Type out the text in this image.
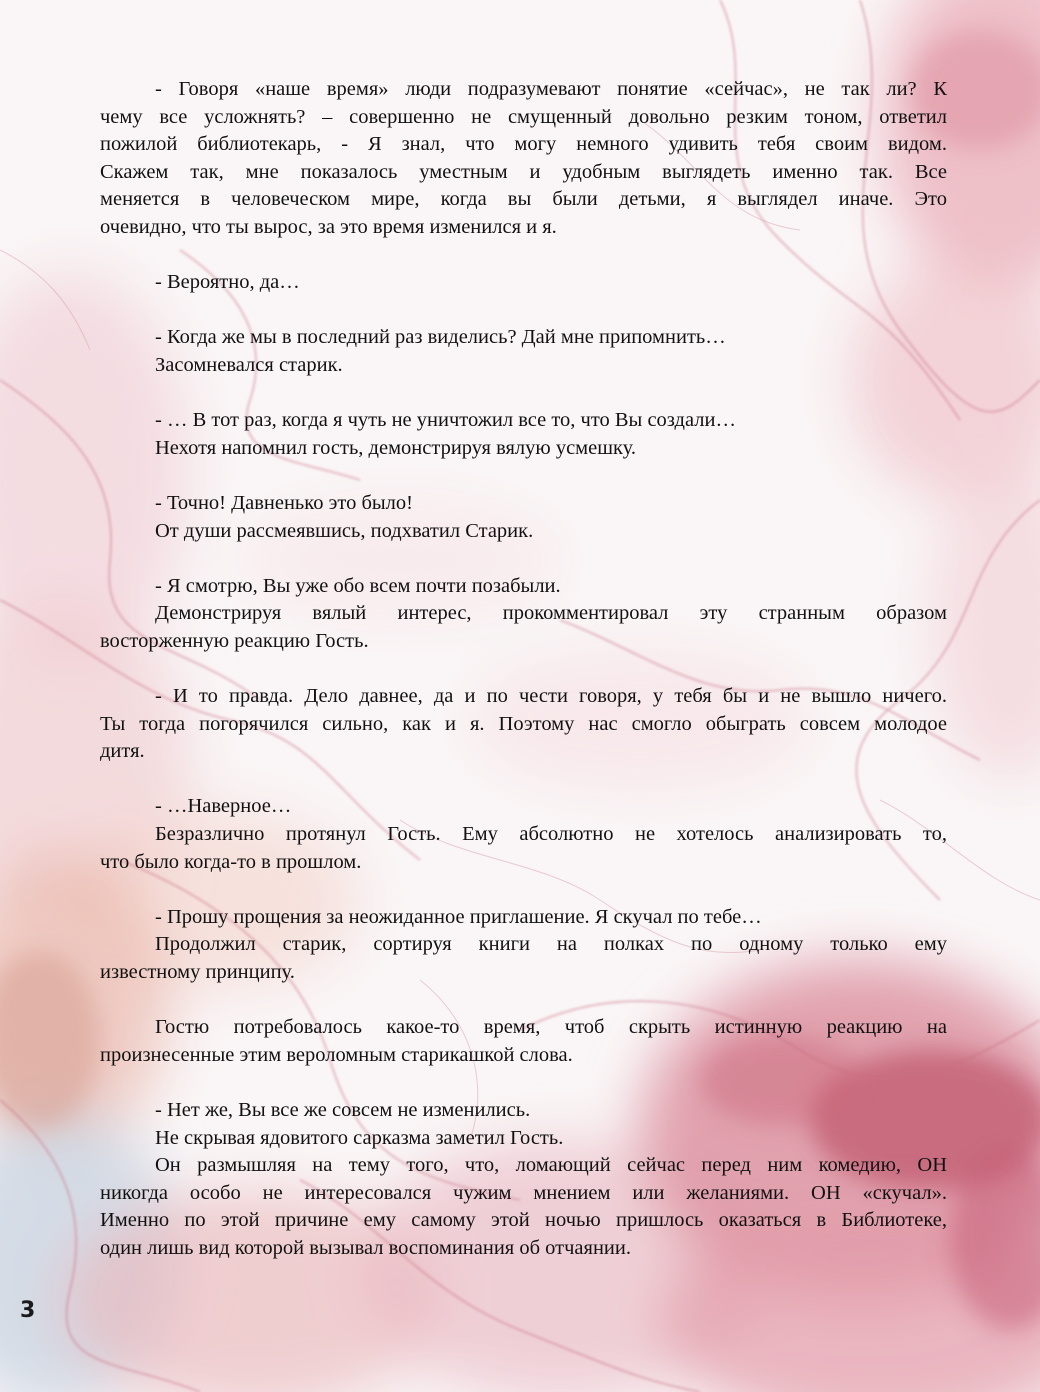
- Говоря «наше время» люди подразумевают понятие «сейчас», не так ли? К
чему все усложнять? – совершенно не смущенный довольно резким тоном, ответил
пожилой библиотекарь, - Я знал, что могу немного удивить тебя своим видом.
Скажем так, мне показалось уместным и удобным выглядеть именно так. Все
меняется в человеческом мире, когда вы были детьми, я выглядел иначе. Это
очевидно, что ты вырос, за это время изменился и я.
- Вероятно, да…
- Когда же мы в последний раз виделись? Дай мне припомнить…
Засомневался старик.
- … В тот раз, когда я чуть не уничтожил все то, что Вы создали…
Нехотя напомнил гость, демонстрируя вялую усмешку.
- Точно! Давненько это было!
От души рассмеявшись, подхватил Старик.
- Я смотрю, Вы уже обо всем почти позабыли.
Демонстрируя вялый интерес, прокомментировал эту странным образом
восторженную реакцию Гость.
- И то правда. Дело давнее, да и по чести говоря, у тебя бы и не вышло ничего.
Ты тогда погорячился сильно, как и я. Поэтому нас смогло обыграть совсем молодое
дитя.
- …Наверное…
Безразлично протянул Гость. Ему абсолютно не хотелось анализировать то,
что было когда-то в прошлом.
- Прошу прощения за неожиданное приглашение. Я скучал по тебе…
Продолжил старик, сортируя книги на полках по одному только ему
известному принципу.
Гостю потребовалось какое-то время, чтоб скрыть истинную реакцию на
произнесенные этим вероломным старикашкой слова.
- Нет же, Вы все же совсем не изменились.
Не скрывая ядовитого сарказма заметил Гость.
Он размышляя на тему того, что, ломающий сейчас перед ним комедию, ОН
никогда особо не интересовался чужим мнением или желаниями. ОН «скучал».
Именно по этой причине ему самому этой ночью пришлось оказаться в Библиотеке,
один лишь вид которой вызывал воспоминания об отчаянии.
3
